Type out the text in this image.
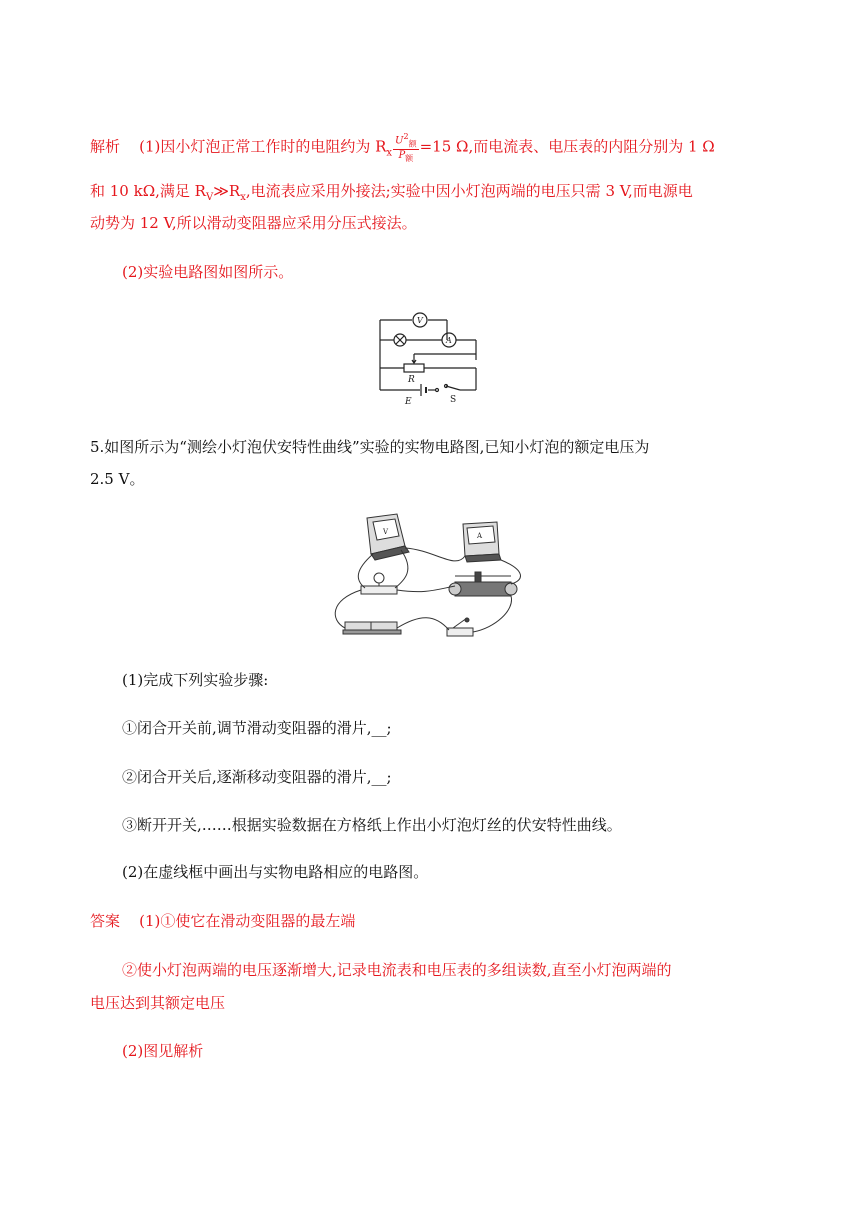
解析 (1)因小灯泡正常工作时的电阻约为 $R_x \frac{U^2_额}{P_额} =15$ Ω,而电流表、电压表的内阻分别为 1 Ω
和 10 kΩ,满足 $R_V≫R_x$,电流表应采用外接法;实验中因小灯泡两端的电压只需 3 V,而电源电
动势为 12 V,所以滑动变阻器应采用分压式接法。
(2)实验电路图如图所示。
V
A
R
E	S
5.如图所示为“测绘小灯泡伏安特性曲线”实验的实物电路图,已知小灯泡的额定电压为
2.5 V。
V	A
(1)完成下列实验步骤:
①闭合开关前,调节滑动变阻器的滑片,__;
②闭合开关后,逐渐移动变阻器的滑片,__;
③断开开关,……根据实验数据在方格纸上作出小灯泡灯丝的伏安特性曲线。
(2)在虚线框中画出与实物电路相应的电路图。
答案 (1)①使它在滑动变阻器的最左端
②使小灯泡两端的电压逐渐增大,记录电流表和电压表的多组读数,直至小灯泡两端的
电压达到其额定电压
(2)图见解析
